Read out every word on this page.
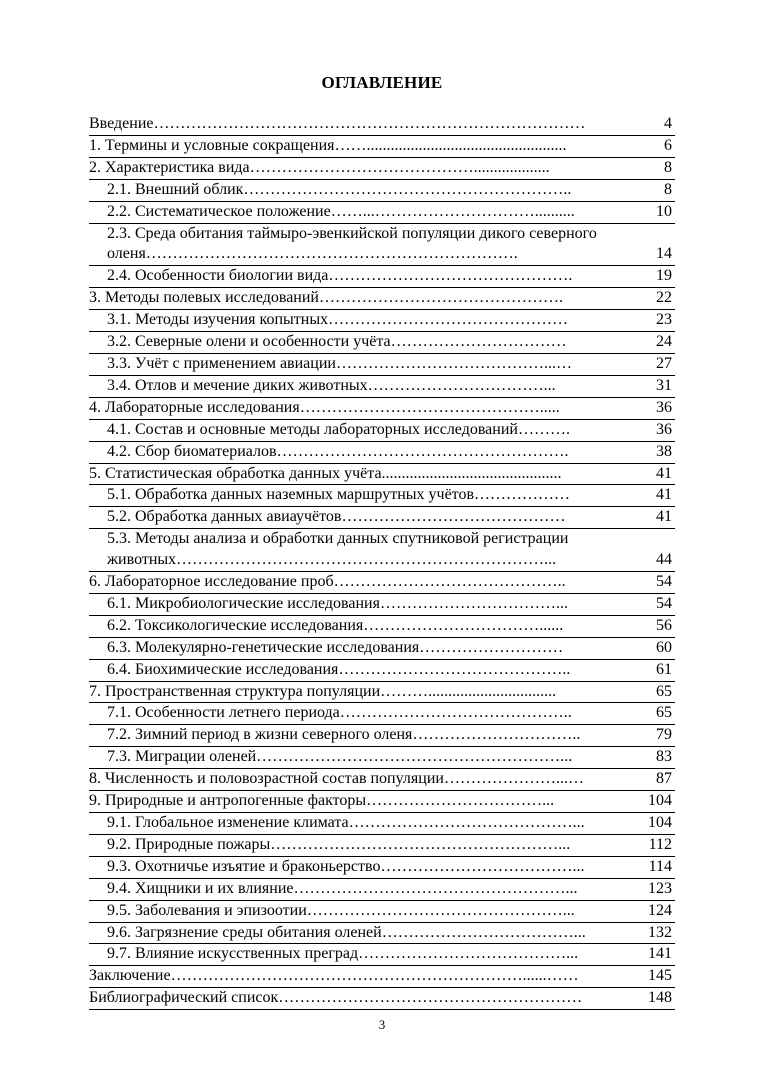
ОГЛАВЛЕНИЕ
Введение………………………………………………………………………	4

1. Термины и условные сокращения……..................................................	6

2. Характеристика вида……………………………………...................	8

2.1. Внешний облик……………………………………………………..	8

2.2. Систематическое положение……...…………………………..........	10

2.3. Среда обитания таймыро-эвенкийской популяции дикого северного оленя…………………………………………………………….	14

2.4. Особенности биологии вида……………………………………….	19

3. Методы полевых исследований……………………………………….	22

3.1. Методы изучения копытных………………………………………	23

3.2. Северные олени и особенности учёта……………………………	24

3.3. Учёт с применением авиации…………………………………...…	27

3.4. Отлов и мечение диких животных……………………………...	31

4. Лабораторные исследования……………………………………….....	36

4.1. Состав и основные методы лабораторных исследований……….	36

4.2. Сбор биоматериалов……………………………………………….	38

5. Статистическая обработка данных учёта.............................................	41

5.1. Обработка данных наземных маршрутных учётов………………	41

5.2. Обработка данных авиаучётов……………………………………	41

5.3. Методы анализа и обработки данных спутниковой регистрации животных……………………………………………………………...	44

6. Лабораторное исследование проб……………………………………..	54

6.1. Микробиологические исследования……………………………...	54

6.2. Токсикологические исследования……………………………......	56

6.3. Молекулярно-генетические исследования………………………	60

6.4. Биохимические исследования……………………………………..	61

7. Пространственная структура популяции………................................	65

7.1. Особенности летнего периода……………………………………..	65

7.2. Зимний период в жизни северного оленя…………………………..	79

7.3. Миграции оленей…………………………………………………...	83

8. Численность и половозрастной состав популяции…………………...…	87

9. Природные и антропогенные факторы……………………………...	104

9.1. Глобальное изменение климата……………………………………...	104

9.2. Природные пожары………………………………………………...	112

9.3. Охотничье изъятие и браконьерство………………………………...	114

9.4. Хищники и их влияние……………………………………………...	123

9.5. Заболевания и эпизоотии…………………………………………...	124

9.6. Загрязнение среды обитания оленей………………………………...	132

9.7. Влияние искусственных преград…………………………………...	141

Заключение…………………………………………………………......……	145

Библиографический список…………………………………………………	148
3
